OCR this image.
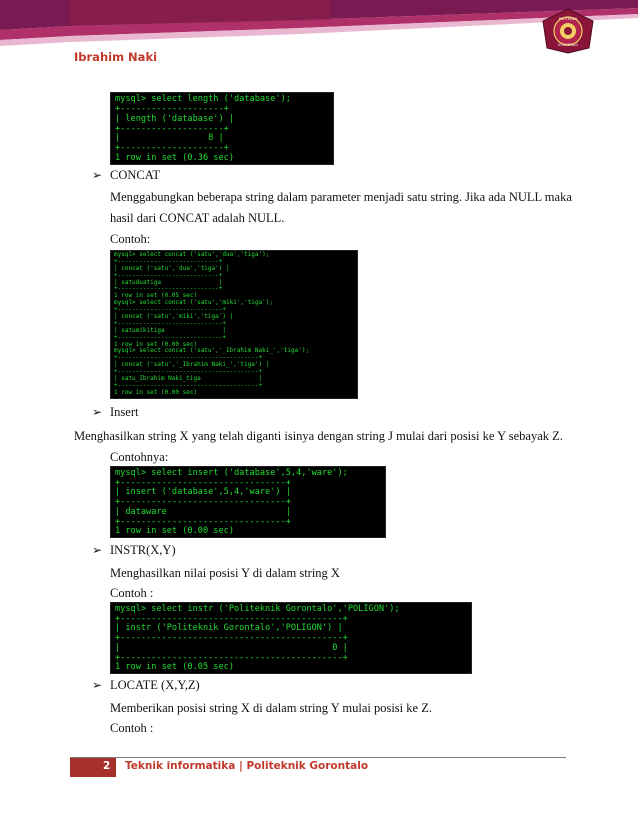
Ibrahim Naki
POLITEKNIK
GORONTALO
mysql> select length ('database');
+--------------------+
| length ('database') |
+--------------------+
|                 8 |
+--------------------+
1 row in set (0.36 sec)
➢ CONCAT
Menggabungkan beberapa string dalam parameter menjadi satu string. Jika ada NULL maka
hasil dari CONCAT adalah NULL.
Contoh:
mysql> select concat ('satu','dua','tiga');
+----------------------------+
| concat ('satu','dua','tiga') |
+----------------------------+
| satuduatiga                |
+----------------------------+
1 row in set (0.05 sec)
mysql> select concat ('satu','miki','tiga');
+-----------------------------+
| concat ('satu','miki','tiga') |
+-----------------------------+
| satumikitiga                |
+-----------------------------+
1 row in set (0.00 sec)
mysql> select concat ('satu','_Ibrahim Naki_','tiga');
+---------------------------------------+
| concat ('satu','_Ibrahim Naki_','tiga') |
+---------------------------------------+
| satu_Ibrahim Naki_tiga                |
+---------------------------------------+
1 row in set (0.00 sec)
➢ Insert
Menghasilkan string X yang telah diganti isinya dengan string J mulai dari posisi ke Y sebayak Z.
Contohnya:
mysql> select insert ('database',5,4,'ware');
+--------------------------------+
| insert ('database',5,4,'ware') |
+--------------------------------+
| dataware                       |
+--------------------------------+
1 row in set (0.00 sec)
➢ INSTR(X,Y)
Menghasilkan nilai posisi Y di dalam string X
Contoh :
mysql> select instr ('Politeknik Gorontalo','POLIGON');
+-------------------------------------------+
| instr ('Politeknik Gorontalo','POLIGON') |
+-------------------------------------------+
|                                         0 |
+-------------------------------------------+
1 row in set (0.05 sec)
➢ LOCATE (X,Y,Z)
Memberikan posisi string X di dalam string Y mulai posisi ke Z.
Contoh :
2 Teknik informatika | Politeknik Gorontalo
